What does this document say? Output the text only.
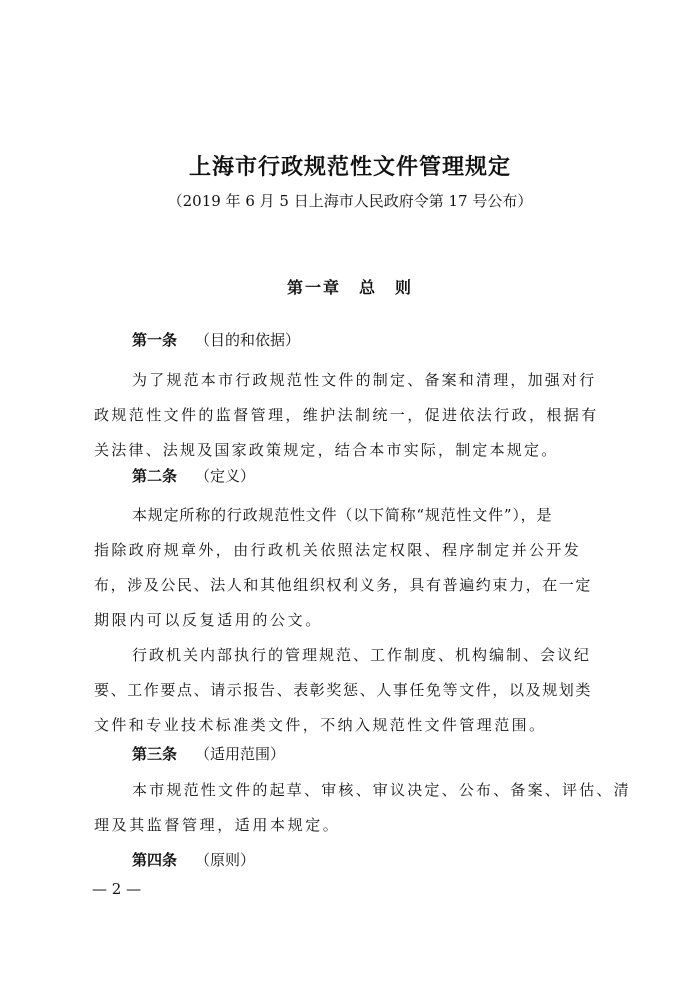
上海市行政规范性文件管理规定
（2019 年 6 月 5 日上海市人民政府令第 17 号公布）
第一章　总　则
第一条 （目的和依据）
为了规范本市行政规范性文件的制定、备案和清理，加强对行
政规范性文件的监督管理，维护法制统一，促进依法行政，根据有
关法律、法规及国家政策规定，结合本市实际，制定本规定。
第二条 （定义）
本规定所称的行政规范性文件（以下简称“规范性文件”），是
指除政府规章外，由行政机关依照法定权限、程序制定并公开发
布，涉及公民、法人和其他组织权利义务，具有普遍约束力，在一定
期限内可以反复适用的公文。
行政机关内部执行的管理规范、工作制度、机构编制、会议纪
要、工作要点、请示报告、表彰奖惩、人事任免等文件，以及规划类
文件和专业技术标准类文件，不纳入规范性文件管理范围。
第三条 （适用范围）
本市规范性文件的起草、审核、审议决定、公布、备案、评估、清
理及其监督管理，适用本规定。
第四条 （原则）
— 2 —
